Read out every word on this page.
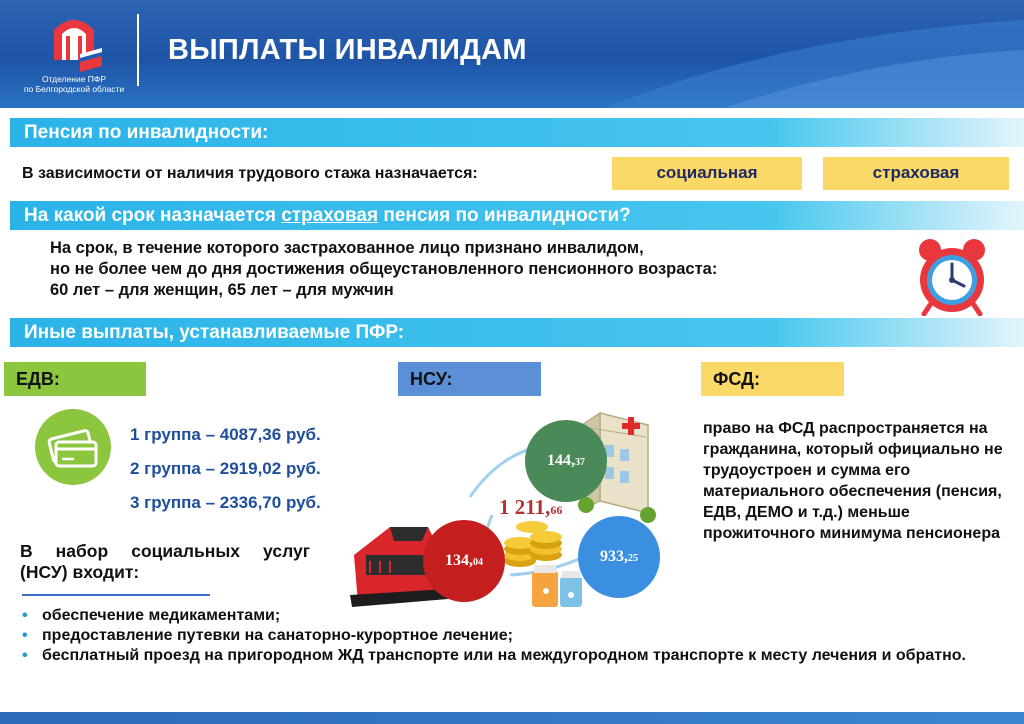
Отделение ПФР
по Белгородской области
ВЫПЛАТЫ ИНВАЛИДАМ
Пенсия по инвалидности:
В зависимости от наличия трудового стажа назначается:	социальная	страховая
На какой срок назначается страховая пенсия по инвалидности?
На срок, в течение которого застрахованное лицо признано инвалидом,
но не более чем до дня достижения общеустановленного пенсионного возраста:
60 лет – для женщин, 65 лет – для мужчин
Иные выплаты, устанавливаемые ПФР:
ЕДВ:	НСУ:	ФСД:
1 группа – 4087,36 руб.
2 группа – 2919,02 руб.
3 группа – 2336,70 руб.
В набор социальных услуг
(НСУ) входит:
144,37
134,04	933,25
1 211,66
право на ФСД распространяется на гражданина, который официально не трудоустроен и сумма его материального обеспечения (пенсия, ЕДВ, ДЕМО и т.д.) меньше прожиточного минимума пенсионера
• обеспечение медикаментами;
• предоставление путевки на санаторно-курортное лечение;
• бесплатный проезд на пригородном ЖД транспорте или на междугородном транспорте к месту лечения и обратно.
